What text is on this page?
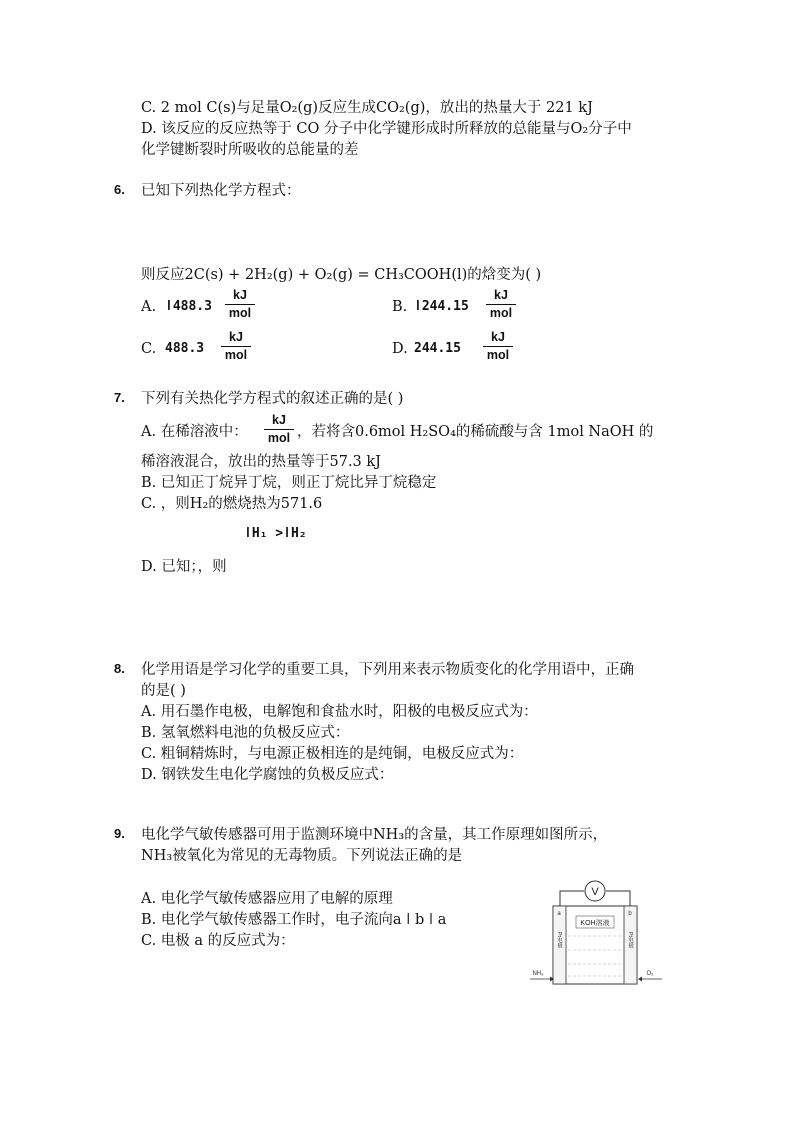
C. 2 mol C(s)与足量O₂(g)反应生成CO₂(g)，放出的热量大于 221 kJ
D. 该反应的反应热等于 CO 分子中化学键形成时所释放的总能量与O₂分子中
化学键断裂时所吸收的总能量的差
6. 已知下列热化学方程式：
则反应2C(s) + 2H₂(g) + O₂(g) = CH₃COOH(l)的焓变为( )
A. ǀ488.3
kJ
mol	B. ǀ244.15
kJ
mol
C. 488.3
kJ
mol	D. 244.15
kJ
mol
7. 下列有关热化学方程式的叙述正确的是( )
A. 在稀溶液中：
kJ
mol ，若将含0.6mol H₂SO₄的稀硫酸与含 1mol NaOH 的
稀溶液混合，放出的热量等于57.3 kJ
B. 已知正丁烷异丁烷，则正丁烷比异丁烷稳定
C. ，则H₂的燃烧热为571.6
ǀH₁ >ǀH₂
D. 已知；，则
8. 化学用语是学习化学的重要工具，下列用来表示物质变化的化学用语中，正确
的是( )
A. 用石墨作电极，电解饱和食盐水时，阳极的电极反应式为：
B. 氢氧燃料电池的负极反应式：
C. 粗铜精炼时，与电源正极相连的是纯铜，电极反应式为：
D. 钢铁发生电化学腐蚀的负极反应式：
9. 电化学气敏传感器可用于监测环境中NH₃的含量，其工作原理如图所示，
NH₃被氧化为常见的无毒物质。下列说法正确的是
A. 电化学气敏传感器应用了电解的原理
B. 电化学气敏传感器工作时，电子流向a ǀ b ǀ a
C. 电极 a 的反应式为：
V
a	b
Pt电极	Pt电极
KOH溶液
NH₃	O₂
